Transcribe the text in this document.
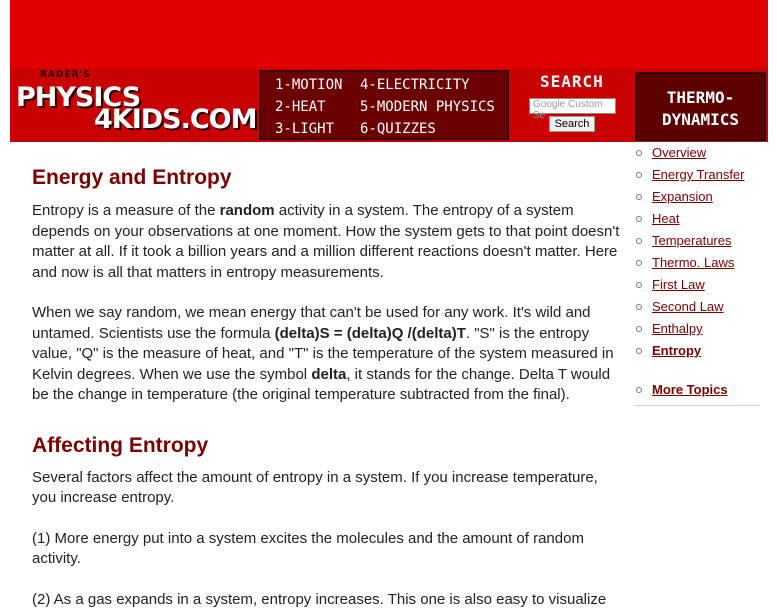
RADER'S
PHYSICS
4KIDS.COM
1-MOTION
2-HEAT
3-LIGHT
4-ELECTRICITY
5-MODERN PHYSICS
6-QUIZZES
SEARCH
Google Custom Se
Search
THERMO-
DYNAMICS
Energy and Entropy

Entropy is a measure of the random activity in a system. The entropy of a system depends on your observations at one moment. How the system gets to that point doesn't matter at all. If it took a billion years and a million different reactions doesn't matter. Here and now is all that matters in entropy measurements.

When we say random, we mean energy that can't be used for any work. It's wild and untamed. Scientists use the formula (delta)S = (delta)Q /(delta)T. "S" is the entropy value, "Q" is the measure of heat, and "T" is the temperature of the system measured in Kelvin degrees. When we use the symbol delta, it stands for the change. Delta T would be the change in temperature (the original temperature subtracted from the final).

Affecting Entropy

Several factors affect the amount of entropy in a system. If you increase temperature, you increase entropy.

(1) More energy put into a system excites the molecules and the amount of random activity.

(2) As a gas expands in a system, entropy increases. This one is also easy to visualize

Overview
Energy Transfer
Expansion
Heat
Temperatures
Thermo. Laws
First Law
Second Law
Enthalpy
Entropy
More Topics
